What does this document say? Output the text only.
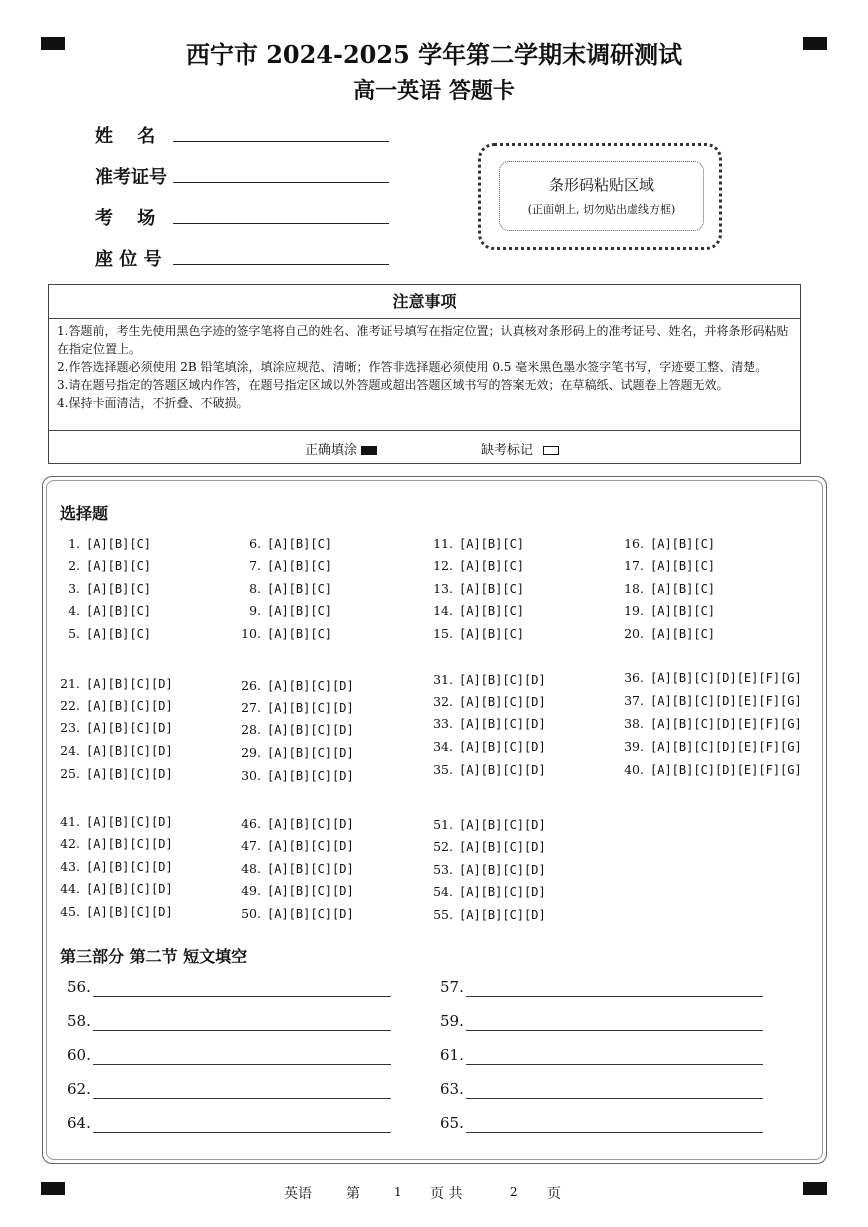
西宁市 2024-2025 学年第二学期末调研测试
高一英语 答题卡
姓　 名
准考证号
考　 场
座 位 号
条形码粘贴区域
(正面朝上, 切勿贴出虚线方框)
注意事项
1.答题前，考生先使用黑色字迹的签字笔将自己的姓名、准考证号填写在指定位置；认真核对条形码上的准考证号、姓名，并将条形码粘贴在指定位置上。
2.作答选择题必须使用 2B 铅笔填涂，填涂应规范、清晰；作答非选择题必须使用 0.5 毫米黑色墨水签字笔书写，字迹要工整、清楚。
3.请在题号指定的答题区域内作答，在题号指定区域以外答题或超出答题区域书写的答案无效；在草稿纸、试题卷上答题无效。
4.保持卡面清洁，不折叠、不破损。
正确填涂	缺考标记
选择题
1. [A][B][C]
2. [A][B][C]
3. [A][B][C]
4. [A][B][C]
5. [A][B][C]
6. [A][B][C]
7. [A][B][C]
8. [A][B][C]
9. [A][B][C]
10. [A][B][C]
11. [A][B][C]
12. [A][B][C]
13. [A][B][C]
14. [A][B][C]
15. [A][B][C]
16. [A][B][C]
17. [A][B][C]
18. [A][B][C]
19. [A][B][C]
20. [A][B][C]
21. [A][B][C][D]
22. [A][B][C][D]
23. [A][B][C][D]
24. [A][B][C][D]
25. [A][B][C][D]
26. [A][B][C][D]
27. [A][B][C][D]
28. [A][B][C][D]
29. [A][B][C][D]
30. [A][B][C][D]
31. [A][B][C][D]
32. [A][B][C][D]
33. [A][B][C][D]
34. [A][B][C][D]
35. [A][B][C][D]
36. [A][B][C][D][E][F][G]
37. [A][B][C][D][E][F][G]
38. [A][B][C][D][E][F][G]
39. [A][B][C][D][E][F][G]
40. [A][B][C][D][E][F][G]
41. [A][B][C][D]
42. [A][B][C][D]
43. [A][B][C][D]
44. [A][B][C][D]
45. [A][B][C][D]
46. [A][B][C][D]
47. [A][B][C][D]
48. [A][B][C][D]
49. [A][B][C][D]
50. [A][B][C][D]
51. [A][B][C][D]
52. [A][B][C][D]
53. [A][B][C][D]
54. [A][B][C][D]
55. [A][B][C][D]
第三部分 第二节 短文填空
56.	57.
58.	59.
60.	61.
62.	63.
64.	65.
英语 第	1 页 共	2 页
